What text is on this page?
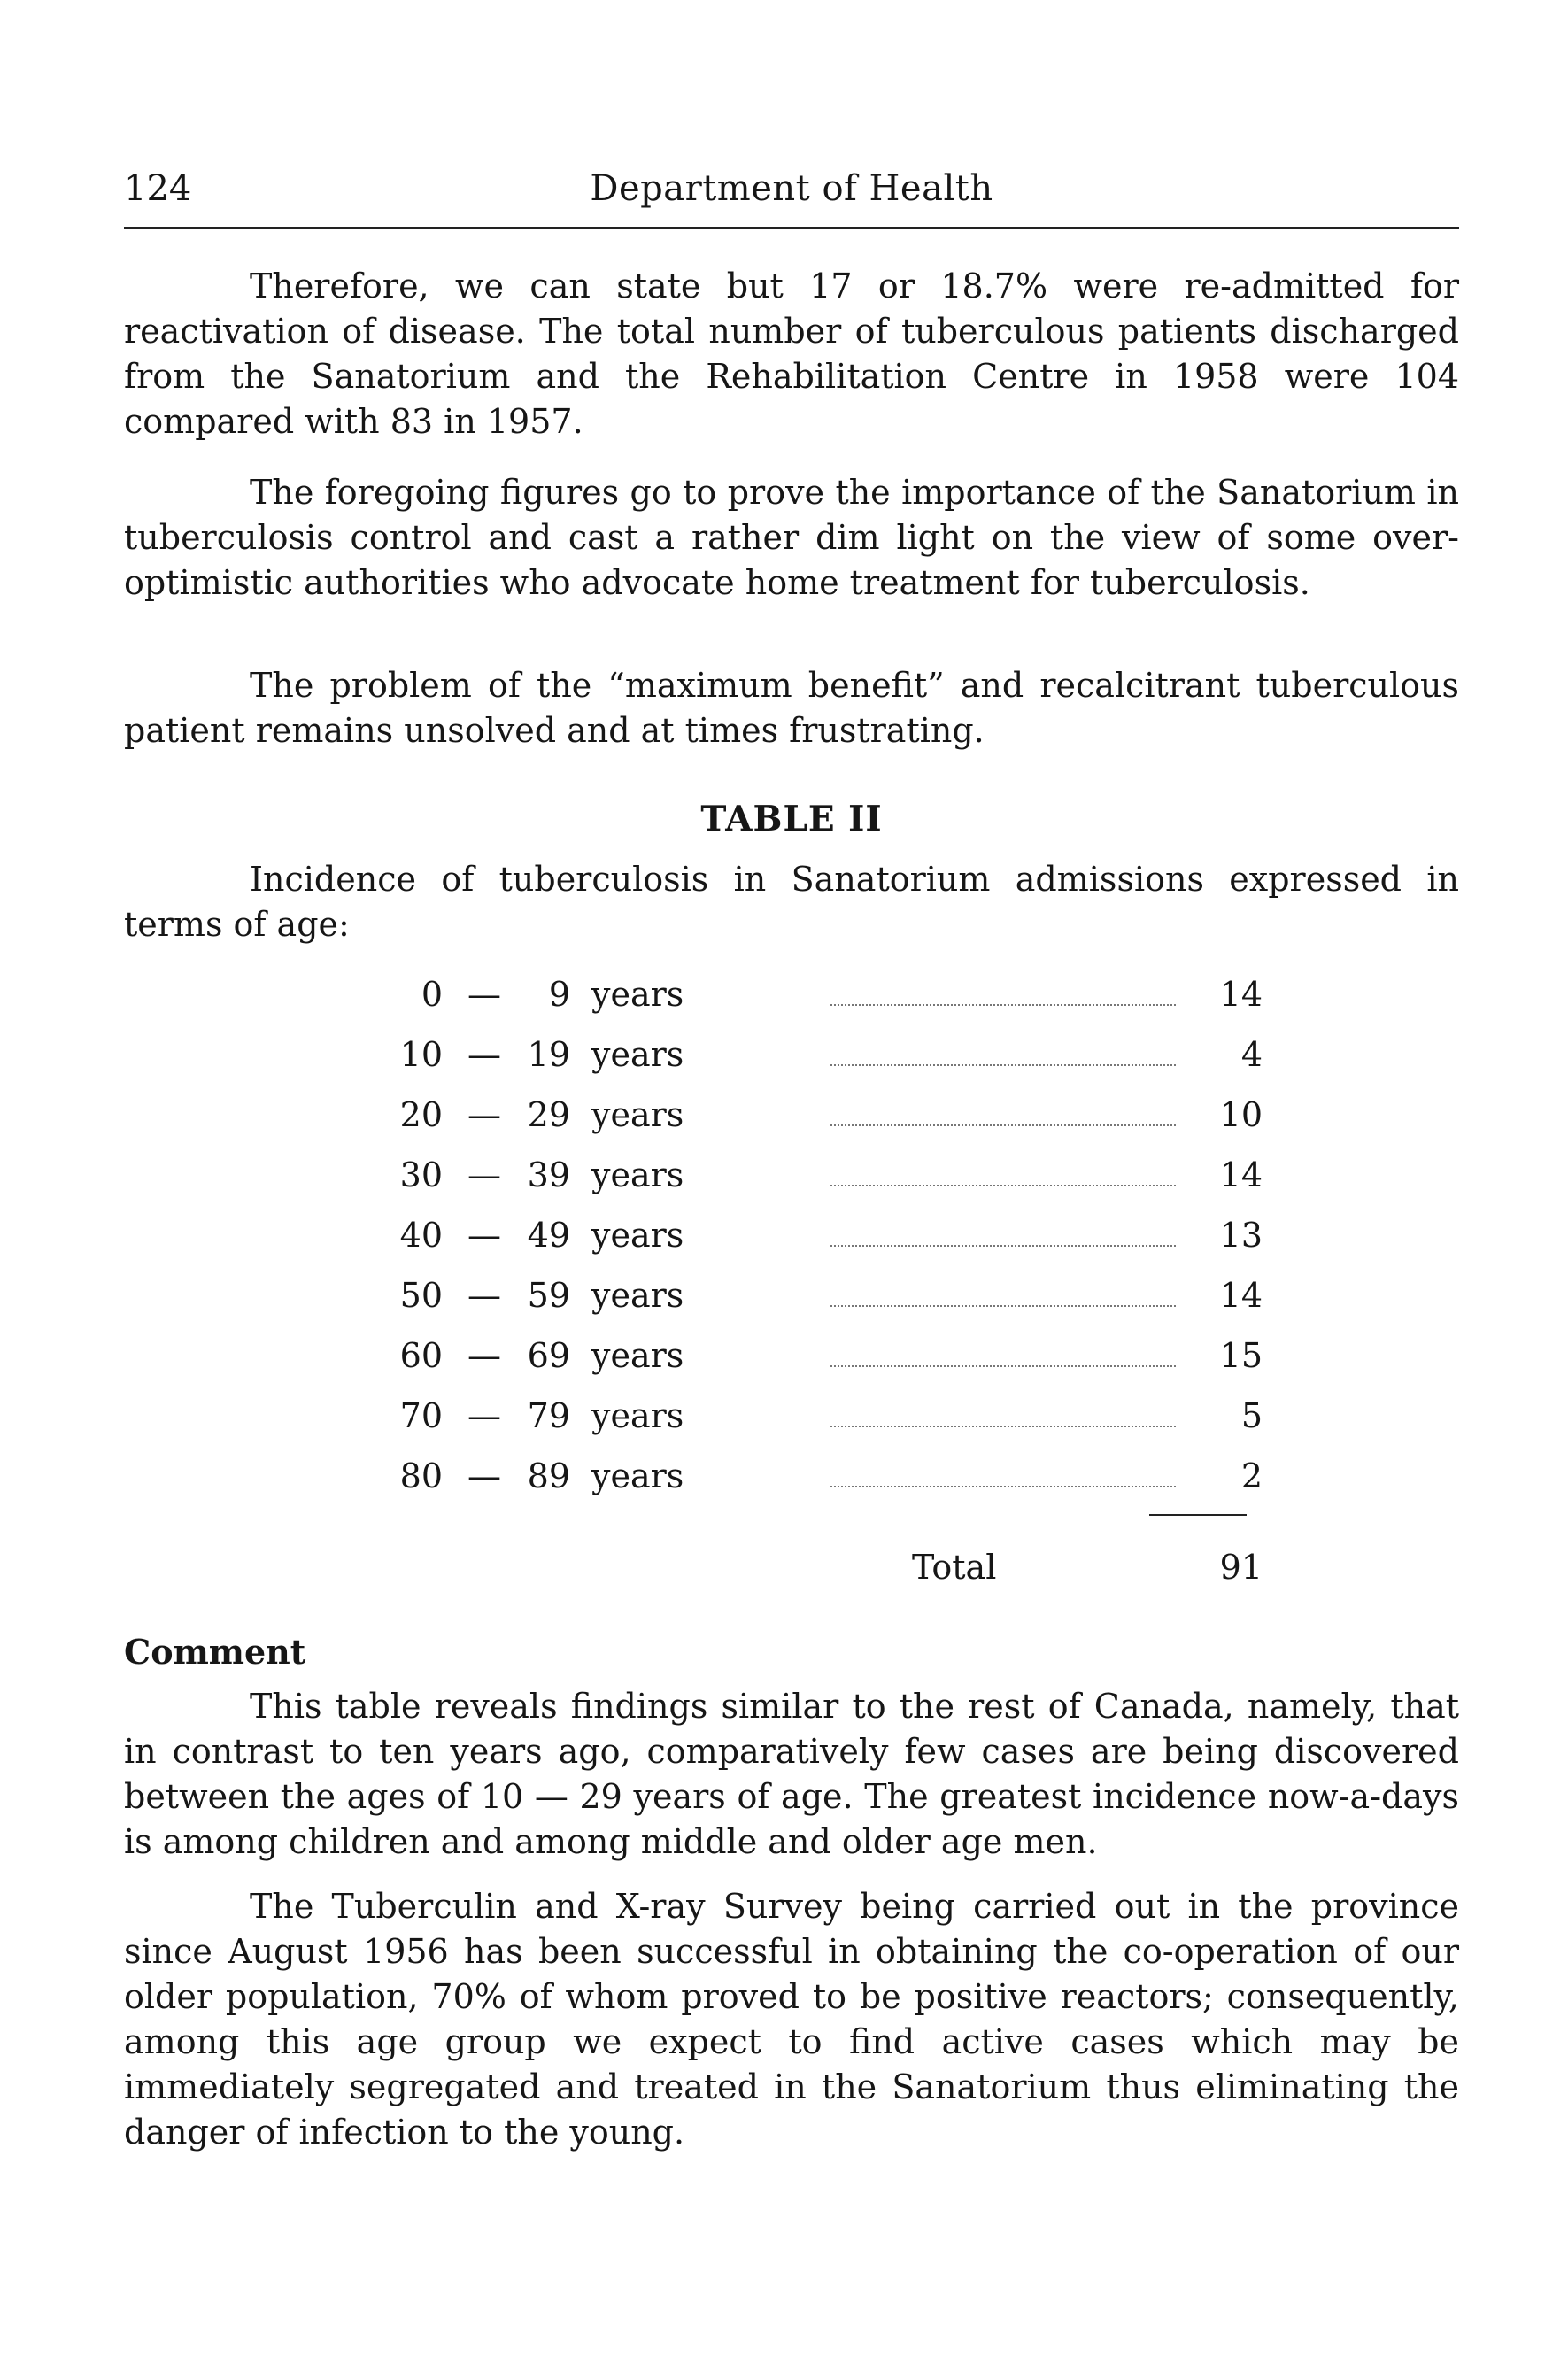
124	Department of Health

Therefore, we can state but 17 or 18.7% were re-admitted for reactivation of disease. The total number of tuberculous patients discharged from the Sanatorium and the Rehabilitation Centre in 1958 were 104 compared with 83 in 1957.

The foregoing figures go to prove the importance of the Sanatorium in tuberculosis control and cast a rather dim light on the view of some over-optimistic authorities who advocate home treatment for tuberculosis.

The problem of the “maximum benefit” and recalcitrant tuberculous patient remains unsolved and at times frustrating.

TABLE II

Incidence of tuberculosis in Sanatorium admissions expressed in terms of age:

0 —	9 years	14
10 — 19 years	4
20 — 29 years	10
30 — 39 years	14
40 — 49 years	13
50 — 59 years	14
60 — 69 years	15
70 — 79 years	5
80 — 89 years	2
Total	91
Comment

This table reveals findings similar to the rest of Canada, namely, that in contrast to ten years ago, comparatively few cases are being discovered between the ages of 10 — 29 years of age. The greatest incidence now-a-days is among children and among middle and older age men.

The Tuberculin and X-ray Survey being carried out in the province since August 1956 has been successful in obtaining the co-operation of our older population, 70% of whom proved to be positive reactors; consequently, among this age group we expect to find active cases which may be immediately segregated and treated in the Sanatorium thus eliminating the danger of infection to the young.
